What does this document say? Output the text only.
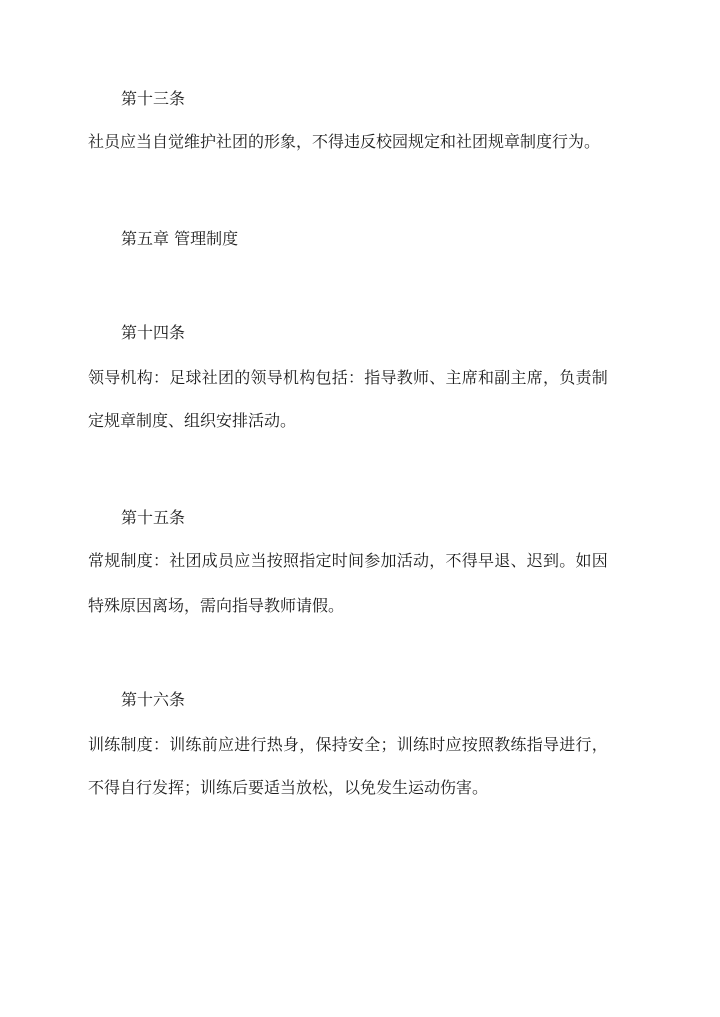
第十三条
社员应当自觉维护社团的形象，不得违反校园规定和社团规章制度行为。
第五章 管理制度
第十四条
领导机构：足球社团的领导机构包括：指导教师、主席和副主席，负责制
定规章制度、组织安排活动。
第十五条
常规制度：社团成员应当按照指定时间参加活动，不得早退、迟到。如因
特殊原因离场，需向指导教师请假。
第十六条
训练制度：训练前应进行热身，保持安全；训练时应按照教练指导进行，
不得自行发挥；训练后要适当放松，以免发生运动伤害。
